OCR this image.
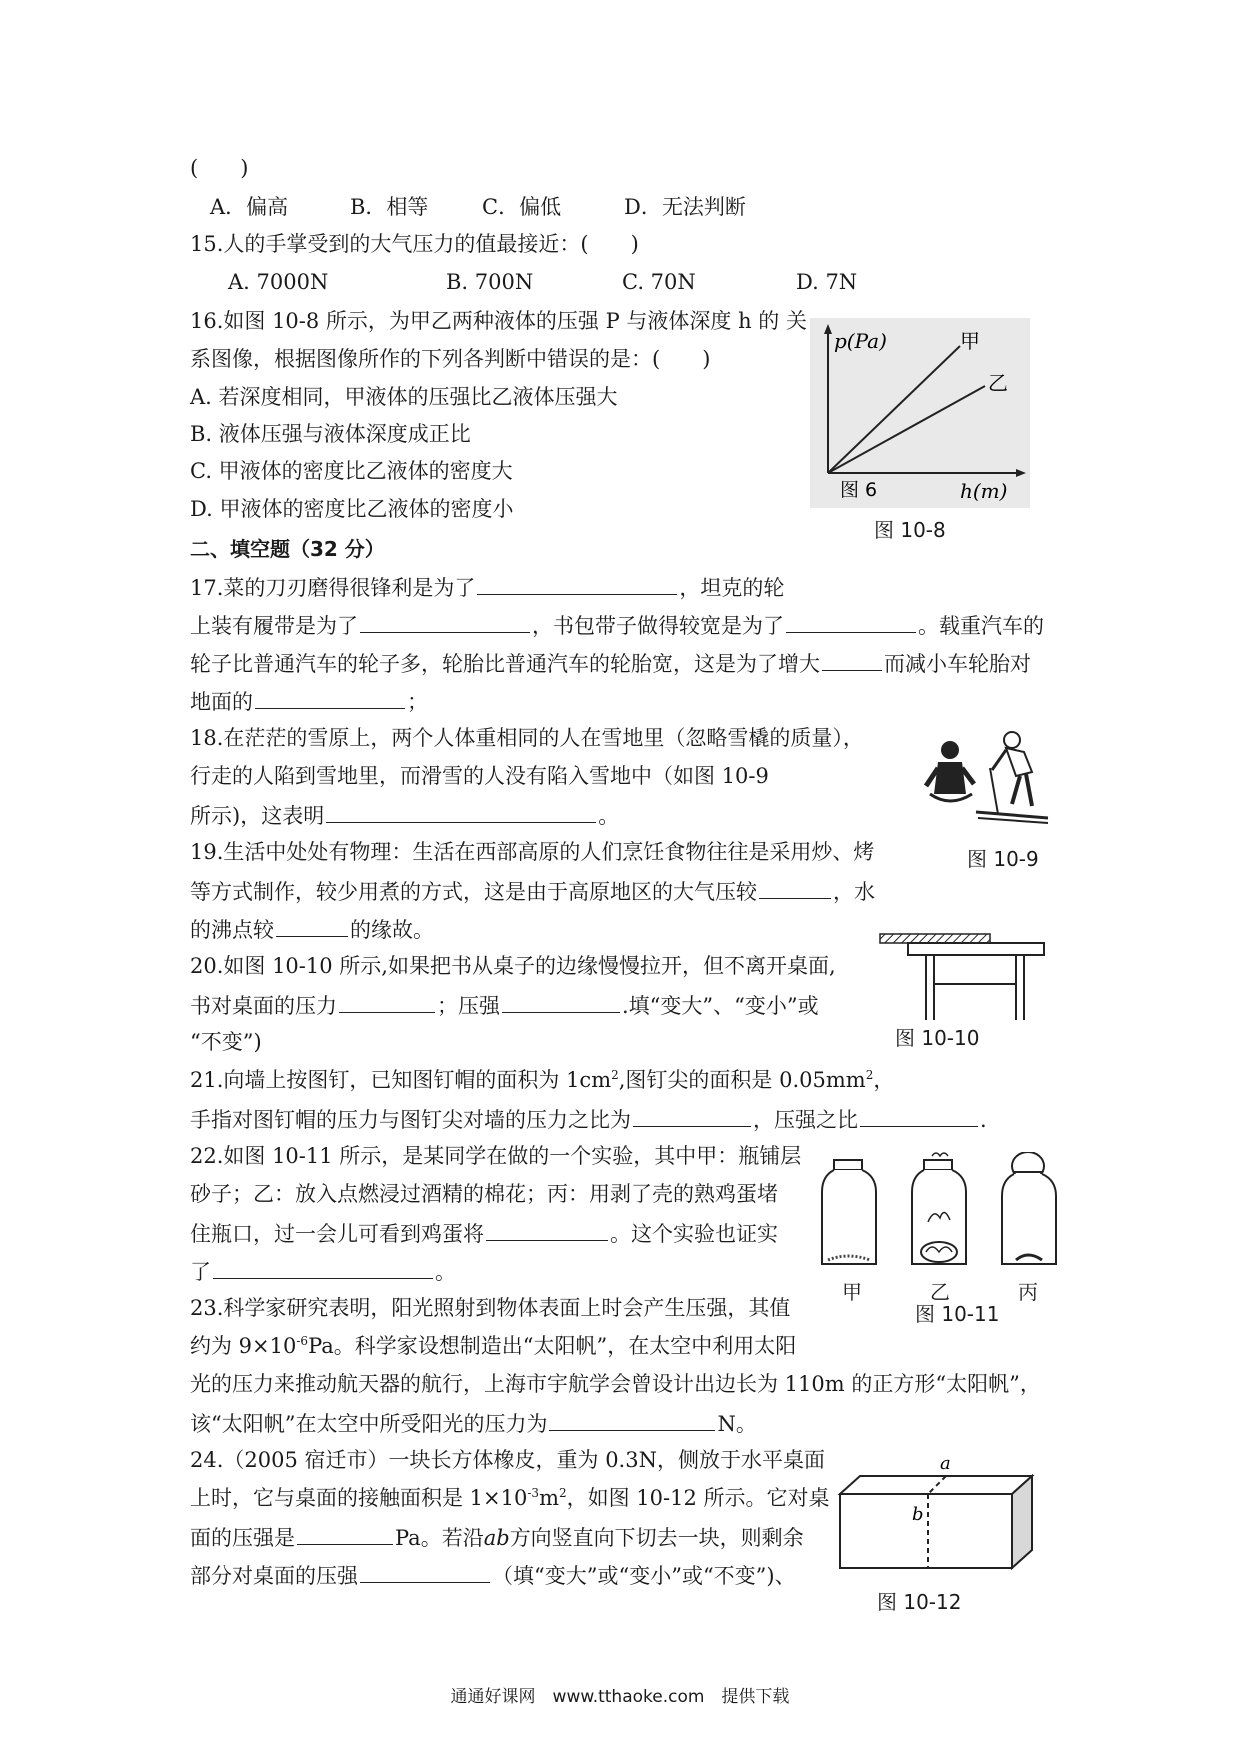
(　　)
A．偏高	B．相等	C．偏低	D．无法判断
15.人的手掌受到的大气压力的值最接近：(　　)
A. 7000N	B. 700N	C. 70N	D. 7N
16.如图 10-8 所示，为甲乙两种液体的压强 P 与液体深度 h 的 关
系图像，根据图像所作的下列各判断中错误的是：(　　)
A. 若深度相同，甲液体的压强比乙液体压强大
B. 液体压强与液体深度成正比
C. 甲液体的密度比乙液体的密度大
D. 甲液体的密度比乙液体的密度小
p(Pa)	甲
乙
图 6	h(m)
图 10-8
二、填空题（32 分）
17.菜的刀刃磨得很锋利是为了	，坦克的轮
上装有履带是为了	，书包带子做得较宽是为了	。载重汽车的
轮子比普通汽车的轮子多，轮胎比普通汽车的轮胎宽，这是为了增大	而减小车轮胎对
地面的	；
18.在茫茫的雪原上，两个人体重相同的人在雪地里（忽略雪橇的质量），
行走的人陷到雪地里，而滑雪的人没有陷入雪地中（如图 10-9
所示)，这表明	。
图 10-9
19.生活中处处有物理：生活在西部高原的人们烹饪食物往往是采用炒、烤
等方式制作，较少用煮的方式，这是由于高原地区的大气压较	，水
的沸点较	的缘故。
20.如图 10-10 所示,如果把书从桌子的边缘慢慢拉开，但不离开桌面,
书对桌面的压力	；压强	.填“变大”、“变小”或
“不变”)	图 10-10
21.向墙上按图钉，已知图钉帽的面积为 $1cm^2$,图钉尖的面积是 $0.05mm^2$，
手指对图钉帽的压力与图钉尖对墙的压力之比为	，压强之比	.
22.如图 10-11 所示，是某同学在做的一个实验，其中甲：瓶铺层
砂子；乙：放入点燃浸过酒精的棉花；丙：用剥了壳的熟鸡蛋堵
住瓶口，过一会儿可看到鸡蛋将	。这个实验也证实
了	。
甲	乙	丙
图 10-11
23.科学家研究表明，阳光照射到物体表面上时会产生压强，其值
约为 $9\times 10^{-6}Pa$。科学家设想制造出“太阳帆”，在太空中利用太阳
光的压力来推动航天器的航行，上海市宇航学会曾设计出边长为 110m 的正方形“太阳帆”，
该“太阳帆”在太空中所受阳光的压力为	N。
24.（2005 宿迁市）一块长方体橡皮，重为 0.3N，侧放于水平桌面
上时，它与桌面的接触面积是 $1\times 10^{-3}m^2$，如图 10-12 所示。它对桌
面的压强是	Pa。若沿ab方向竖直向下切去一块，则剩余
部分对桌面的压强	（填“变大”或“变小”或“不变”)、
a
b
图 10-12
通通好课网　www.tthaoke.com　提供下载
